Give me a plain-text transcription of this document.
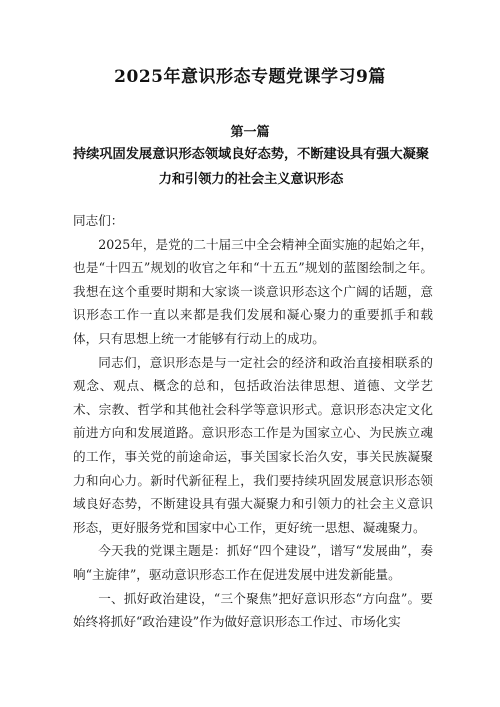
2025年意识形态专题党课学习9篇
第一篇
持续巩固发展意识形态领域良好态势，不断建设具有强大凝聚力和引领力的社会主义意识形态

同志们：

2025年，是党的二十届三中全会精神全面实施的起始之年，也是“十四五”规划的收官之年和“十五五”规划的蓝图绘制之年。我想在这个重要时期和大家谈一谈意识形态这个广阔的话题，意识形态工作一直以来都是我们发展和凝心聚力的重要抓手和载体，只有思想上统一才能够有行动上的成功。

同志们，意识形态是与一定社会的经济和政治直接相联系的观念、观点、概念的总和，包括政治法律思想、道德、文学艺术、宗教、哲学和其他社会科学等意识形式。意识形态决定文化前进方向和发展道路。意识形态工作是为国家立心、为民族立魂的工作，事关党的前途命运，事关国家长治久安，事关民族凝聚力和向心力。新时代新征程上，我们要持续巩固发展意识形态领域良好态势，不断建设具有强大凝聚力和引领力的社会主义意识形态，更好服务党和国家中心工作，更好统一思想、凝魂聚力。

今天我的党课主题是：抓好“四个建设”，谱写“发展曲”，奏响“主旋律”，驱动意识形态工作在促进发展中进发新能量。

一、抓好政治建设，“三个聚焦”把好意识形态“方向盘”。要始终将抓好“政治建设”作为做好意识形态工作过、市场化实
